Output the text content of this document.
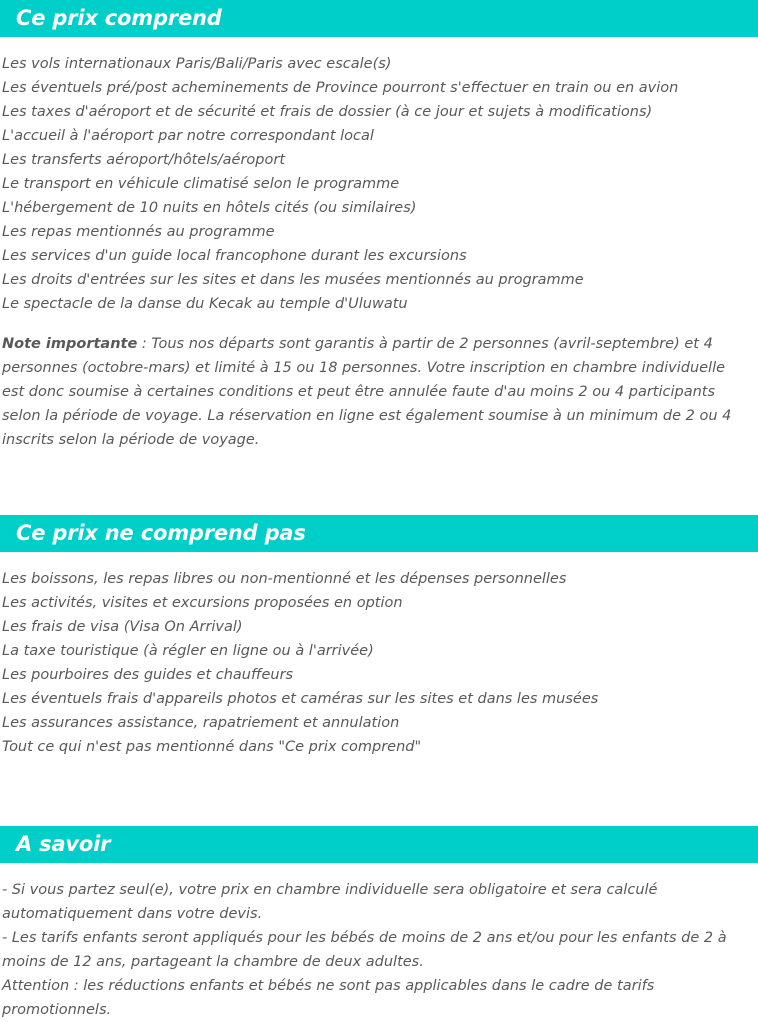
Ce prix comprend
Les vols internationaux Paris/Bali/Paris avec escale(s)
Les éventuels pré/post acheminements de Province pourront s'effectuer en train ou en avion
Les taxes d'aéroport et de sécurité et frais de dossier (à ce jour et sujets à modifications)
L'accueil à l'aéroport par notre correspondant local
Les transferts aéroport/hôtels/aéroport
Le transport en véhicule climatisé selon le programme
L'hébergement de 10 nuits en hôtels cités (ou similaires)
Les repas mentionnés au programme
Les services d'un guide local francophone durant les excursions
Les droits d'entrées sur les sites et dans les musées mentionnés au programme
Le spectacle de la danse du Kecak au temple d'Uluwatu

Note importante : Tous nos départs sont garantis à partir de 2 personnes (avril-septembre) et 4 personnes (octobre-mars) et limité à 15 ou 18 personnes. Votre inscription en chambre individuelle est donc soumise à certaines conditions et peut être annulée faute d'au moins 2 ou 4 participants selon la période de voyage. La réservation en ligne est également soumise à un minimum de 2 ou 4 inscrits selon la période de voyage.

Ce prix ne comprend pas
Les boissons, les repas libres ou non-mentionné et les dépenses personnelles
Les activités, visites et excursions proposées en option
Les frais de visa (Visa On Arrival)
La taxe touristique (à régler en ligne ou à l'arrivée)
Les pourboires des guides et chauffeurs
Les éventuels frais d'appareils photos et caméras sur les sites et dans les musées
Les assurances assistance, rapatriement et annulation
Tout ce qui n'est pas mentionné dans "Ce prix comprend"
A savoir

- Si vous partez seul(e), votre prix en chambre individuelle sera obligatoire et sera calculé automatiquement dans votre devis.

- Les tarifs enfants seront appliqués pour les bébés de moins de 2 ans et/ou pour les enfants de 2 à moins de 12 ans, partageant la chambre de deux adultes.

Attention : les réductions enfants et bébés ne sont pas applicables dans le cadre de tarifs promotionnels.
